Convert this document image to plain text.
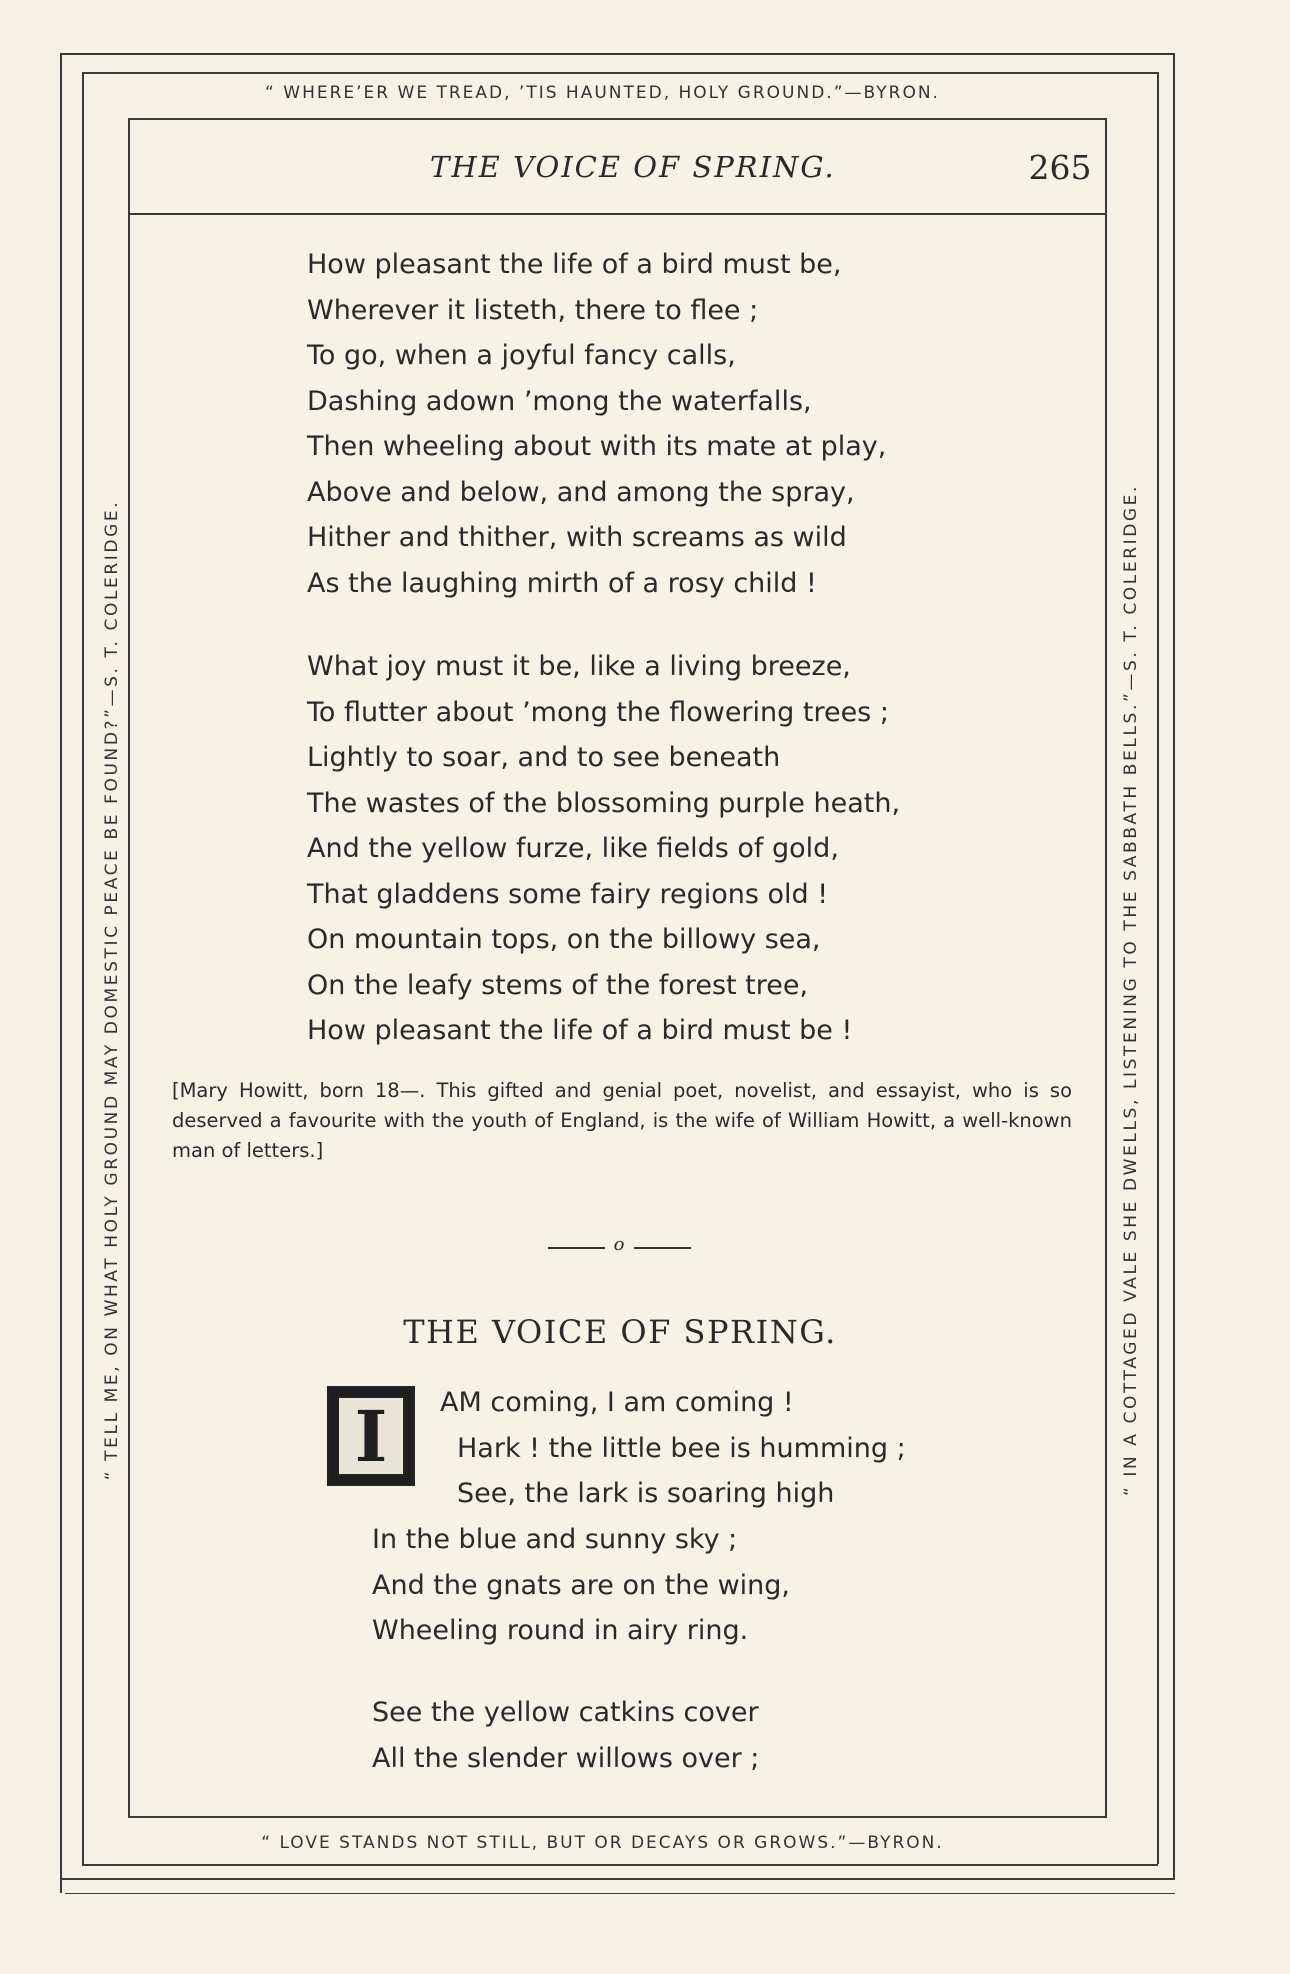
“ WHERE’ER WE TREAD, ’TIS HAUNTED, HOLY GROUND.”—BYRON.
“ LOVE STANDS NOT STILL, BUT OR DECAYS OR GROWS.”—BYRON.
“ TELL ME, ON WHAT HOLY GROUND MAY DOMESTIC PEACE BE FOUND?”—S. T. COLERIDGE.	“ IN A COTTAGED VALE SHE DWELLS, LISTENING TO THE SABBATH BELLS.”—S. T. COLERIDGE.
THE VOICE OF SPRING.	265
How pleasant the life of a bird must be,
Wherever it listeth, there to flee ;
To go, when a joyful fancy calls,
Dashing adown ’mong the waterfalls,
Then wheeling about with its mate at play,
Above and below, and among the spray,
Hither and thither, with screams as wild
As the laughing mirth of a rosy child !
What joy must it be, like a living breeze,
To flutter about ’mong the flowering trees ;
Lightly to soar, and to see beneath
The wastes of the blossoming purple heath,
And the yellow furze, like fields of gold,
That gladdens some fairy regions old !
On mountain tops, on the billowy sea,
On the leafy stems of the forest tree,
How pleasant the life of a bird must be !
[Mary Howitt, born 18—. This gifted and genial poet, novelist, and essayist, who is so deserved a favourite with the youth of England, is the wife of William Howitt, a well-known man of letters.]
o
THE VOICE OF SPRING.
I	AM coming, I am coming !
Hark ! the little bee is humming ;
See, the lark is soaring high
In the blue and sunny sky ;
And the gnats are on the wing,
Wheeling round in airy ring.
See the yellow catkins cover
All the slender willows over ;
